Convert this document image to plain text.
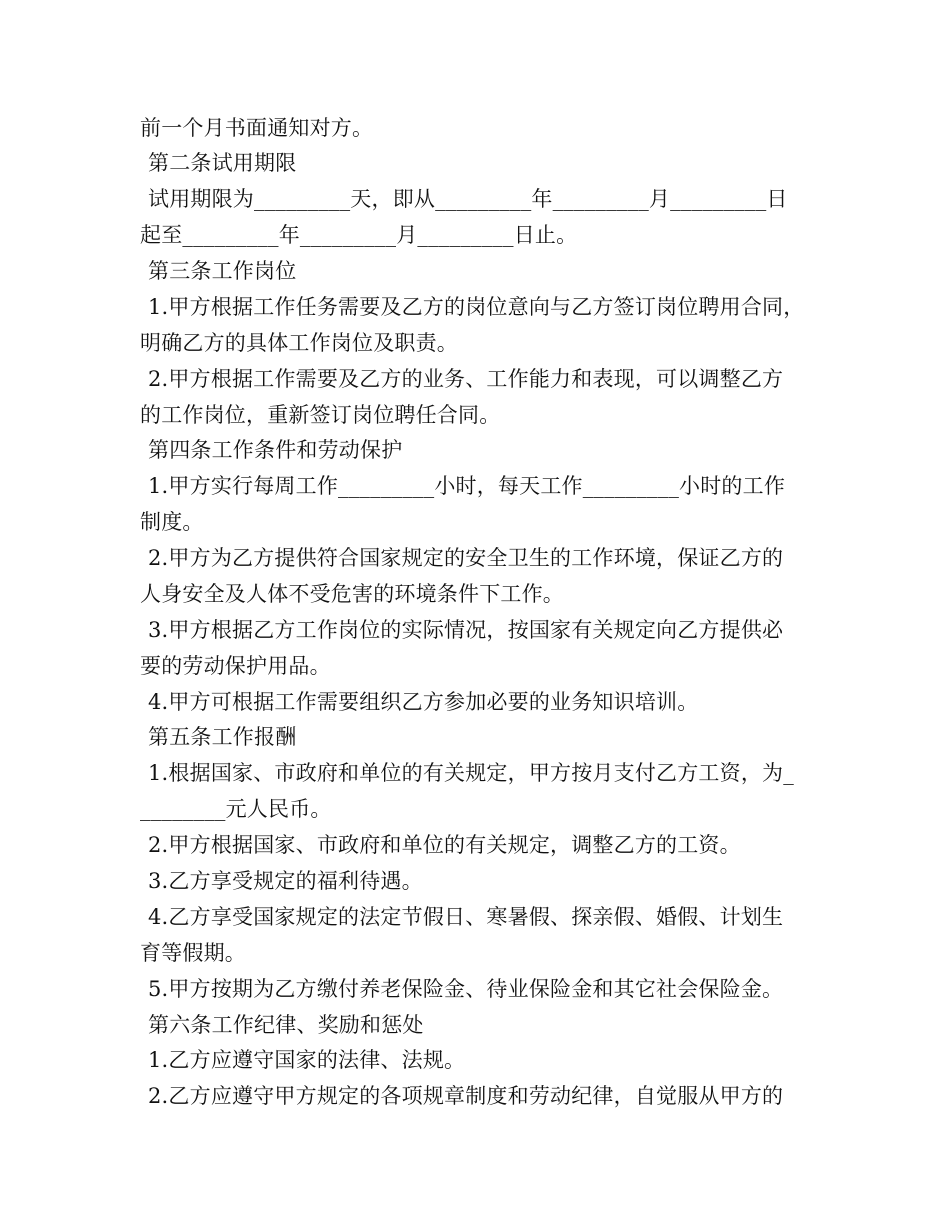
前一个月书面通知对方。
第二条试用期限
试用期限为_________天，即从_________年_________月_________日
起至_________年_________月_________日止。
第三条工作岗位
1.甲方根据工作任务需要及乙方的岗位意向与乙方签订岗位聘用合同，
明确乙方的具体工作岗位及职责。
2.甲方根据工作需要及乙方的业务、工作能力和表现，可以调整乙方
的工作岗位，重新签订岗位聘任合同。
第四条工作条件和劳动保护
1.甲方实行每周工作_________小时，每天工作_________小时的工作
制度。
2.甲方为乙方提供符合国家规定的安全卫生的工作环境，保证乙方的
人身安全及人体不受危害的环境条件下工作。
3.甲方根据乙方工作岗位的实际情况，按国家有关规定向乙方提供必
要的劳动保护用品。
4.甲方可根据工作需要组织乙方参加必要的业务知识培训。
第五条工作报酬
1.根据国家、市政府和单位的有关规定，甲方按月支付乙方工资，为_
________元人民币。
2.甲方根据国家、市政府和单位的有关规定，调整乙方的工资。
3.乙方享受规定的福利待遇。
4.乙方享受国家规定的法定节假日、寒暑假、探亲假、婚假、计划生
育等假期。
5.甲方按期为乙方缴付养老保险金、待业保险金和其它社会保险金。
第六条工作纪律、奖励和惩处
1.乙方应遵守国家的法律、法规。
2.乙方应遵守甲方规定的各项规章制度和劳动纪律，自觉服从甲方的
